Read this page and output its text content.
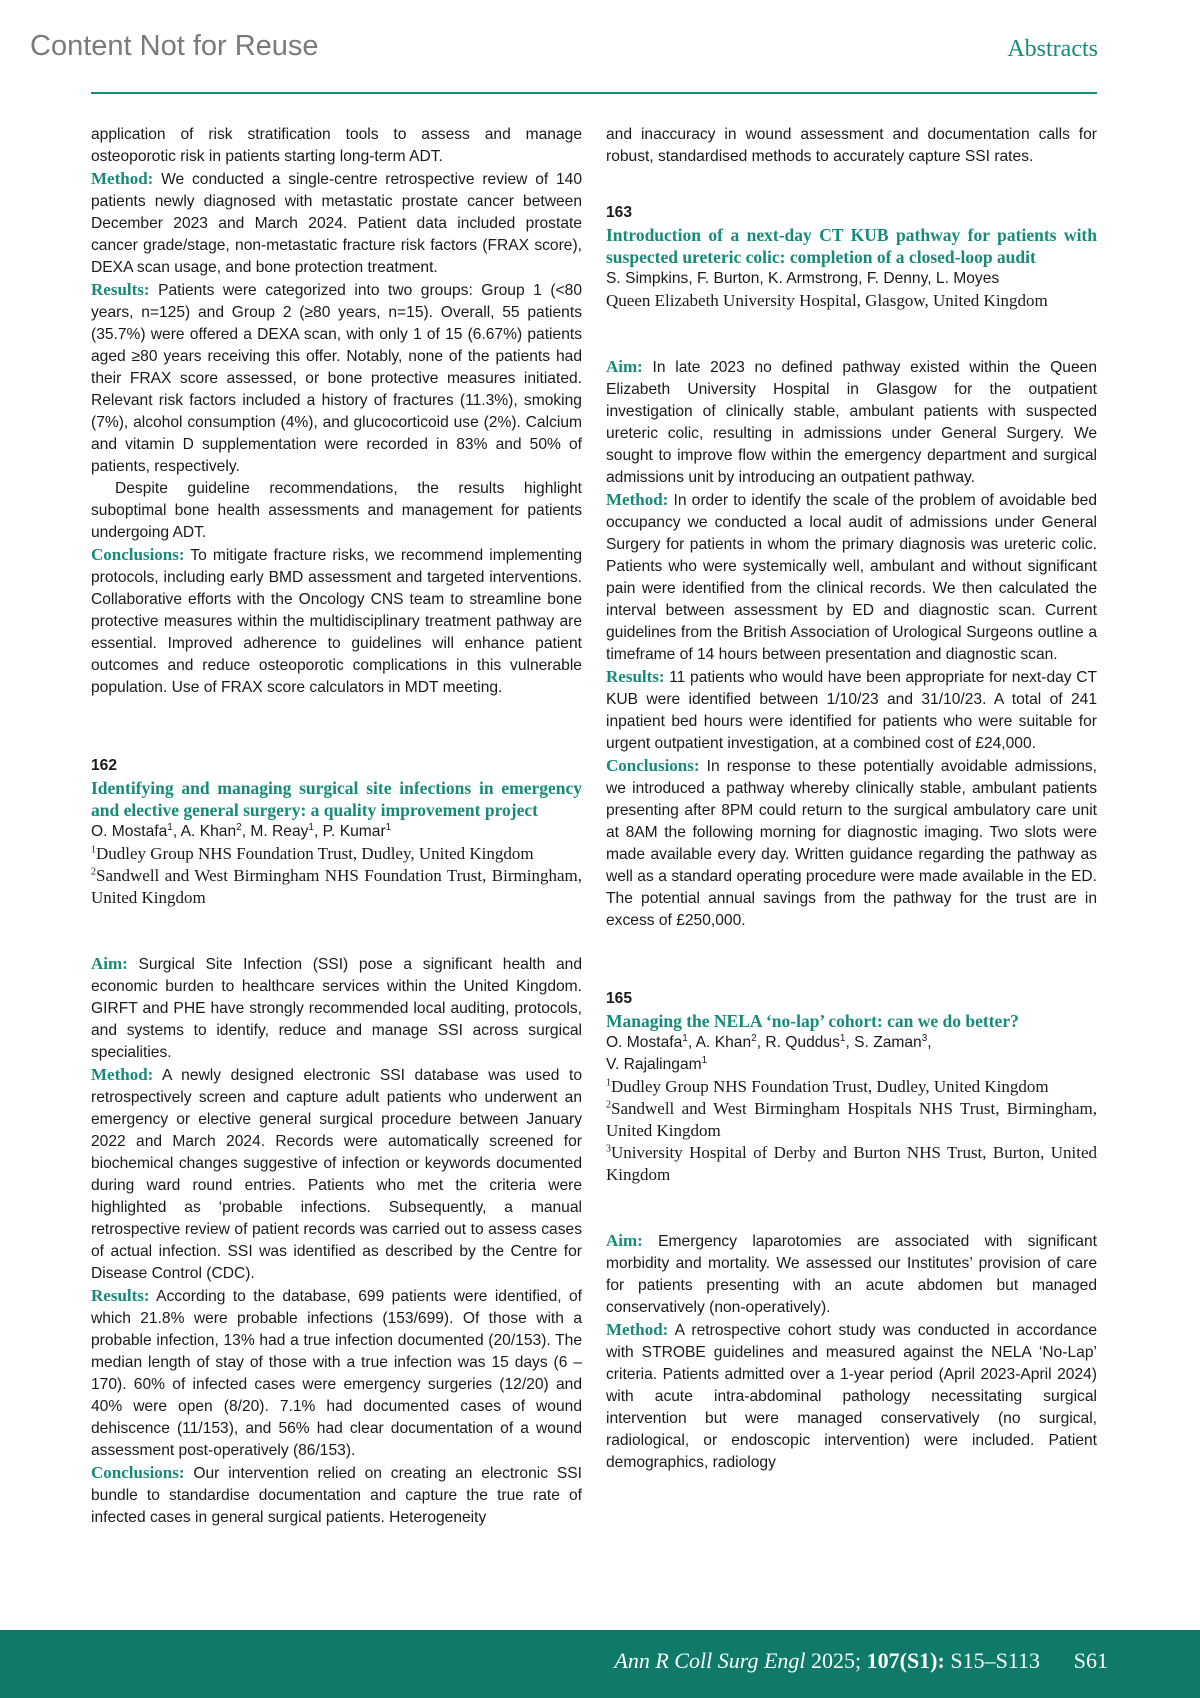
Content Not for Reuse	Abstracts

application of risk stratification tools to assess and manage osteoporotic risk in patients starting long-term ADT.

Method: We conducted a single-centre retrospective review of 140 patients newly diagnosed with metastatic prostate cancer between December 2023 and March 2024. Patient data included prostate cancer grade/stage, non-metastatic fracture risk factors (FRAX score), DEXA scan usage, and bone protection treatment.

Results: Patients were categorized into two groups: Group 1 (<80 years, n=125) and Group 2 (≥80 years, n=15). Overall, 55 patients (35.7%) were offered a DEXA scan, with only 1 of 15 (6.67%) patients aged ≥80 years receiving this offer. Notably, none of the patients had their FRAX score assessed, or bone protective measures initiated. Relevant risk factors included a history of fractures (11.3%), smoking (7%), alcohol consumption (4%), and glucocorticoid use (2%). Calcium and vitamin D supplementation were recorded in 83% and 50% of patients, respectively.

Despite guideline recommendations, the results highlight suboptimal bone health assessments and management for patients undergoing ADT.

Conclusions: To mitigate fracture risks, we recommend implementing protocols, including early BMD assessment and targeted interventions. Collaborative efforts with the Oncology CNS team to streamline bone protective measures within the multidisciplinary treatment pathway are essential. Improved adherence to guidelines will enhance patient outcomes and reduce osteoporotic complications in this vulnerable population. Use of FRAX score calculators in MDT meeting.

162

Identifying and managing surgical site infections in emergency and elective general surgery: a quality improvement project

O. Mostafa$^1$, A. Khan$^2$, M. Reay$^1$, P. Kumar$^1$

$^1$Dudley Group NHS Foundation Trust, Dudley, United Kingdom

$^2$Sandwell and West Birmingham NHS Foundation Trust, Birmingham, United Kingdom

Aim: Surgical Site Infection (SSI) pose a significant health and economic burden to healthcare services within the United Kingdom. GIRFT and PHE have strongly recommended local auditing, protocols, and systems to identify, reduce and manage SSI across surgical specialities.

Method: A newly designed electronic SSI database was used to retrospectively screen and capture adult patients who underwent an emergency or elective general surgical procedure between January 2022 and March 2024. Records were automatically screened for biochemical changes suggestive of infection or keywords documented during ward round entries. Patients who met the criteria were highlighted as ‘probable infections. Subsequently, a manual retrospective review of patient records was carried out to assess cases of actual infection. SSI was identified as described by the Centre for Disease Control (CDC).

Results: According to the database, 699 patients were identified, of which 21.8% were probable infections (153/699). Of those with a probable infection, 13% had a true infection documented (20/153). The median length of stay of those with a true infection was 15 days (6 – 170). 60% of infected cases were emergency surgeries (12/20) and 40% were open (8/20). 7.1% had documented cases of wound dehiscence (11/153), and 56% had clear documentation of a wound assessment post-operatively (86/153).

Conclusions: Our intervention relied on creating an electronic SSI bundle to standardise documentation and capture the true rate of infected cases in general surgical patients. Heterogeneity

and inaccuracy in wound assessment and documentation calls for robust, standardised methods to accurately capture SSI rates.

163

Introduction of a next-day CT KUB pathway for patients with suspected ureteric colic: completion of a closed-loop audit

S. Simpkins, F. Burton, K. Armstrong, F. Denny, L. Moyes

Queen Elizabeth University Hospital, Glasgow, United Kingdom

Aim: In late 2023 no defined pathway existed within the Queen Elizabeth University Hospital in Glasgow for the outpatient investigation of clinically stable, ambulant patients with suspected ureteric colic, resulting in admissions under General Surgery. We sought to improve flow within the emergency department and surgical admissions unit by introducing an outpatient pathway.

Method: In order to identify the scale of the problem of avoidable bed occupancy we conducted a local audit of admissions under General Surgery for patients in whom the primary diagnosis was ureteric colic. Patients who were systemically well, ambulant and without significant pain were identified from the clinical records. We then calculated the interval between assessment by ED and diagnostic scan. Current guidelines from the British Association of Urological Surgeons outline a timeframe of 14 hours between presentation and diagnostic scan.

Results: 11 patients who would have been appropriate for next-day CT KUB were identified between 1/10/23 and 31/10/23. A total of 241 inpatient bed hours were identified for patients who were suitable for urgent outpatient investigation, at a combined cost of £24,000.

Conclusions: In response to these potentially avoidable admissions, we introduced a pathway whereby clinically stable, ambulant patients presenting after 8PM could return to the surgical ambulatory care unit at 8AM the following morning for diagnostic imaging. Two slots were made available every day. Written guidance regarding the pathway as well as a standard operating procedure were made available in the ED. The potential annual savings from the pathway for the trust are in excess of £250,000.

165

Managing the NELA ‘no-lap’ cohort: can we do better?

O. Mostafa$^1$, A. Khan$^2$, R. Quddus$^1$, S. Zaman$^3$,
V. Rajalingam$^1$

$^1$Dudley Group NHS Foundation Trust, Dudley, United Kingdom

$^2$Sandwell and West Birmingham Hospitals NHS Trust, Birmingham, United Kingdom

$^3$University Hospital of Derby and Burton NHS Trust, Burton, United Kingdom

Aim: Emergency laparotomies are associated with significant morbidity and mortality. We assessed our Institutes’ provision of care for patients presenting with an acute abdomen but managed conservatively (non-operatively).

Method: A retrospective cohort study was conducted in accordance with STROBE guidelines and measured against the NELA ‘No-Lap’ criteria. Patients admitted over a 1-year period (April 2023-April 2024) with acute intra-abdominal pathology necessitating surgical intervention but were managed conservatively (no surgical, radiological, or endoscopic intervention) were included. Patient demographics, radiology

Ann R Coll Surg Engl 2025; 107(S1): S15–S113 S61
